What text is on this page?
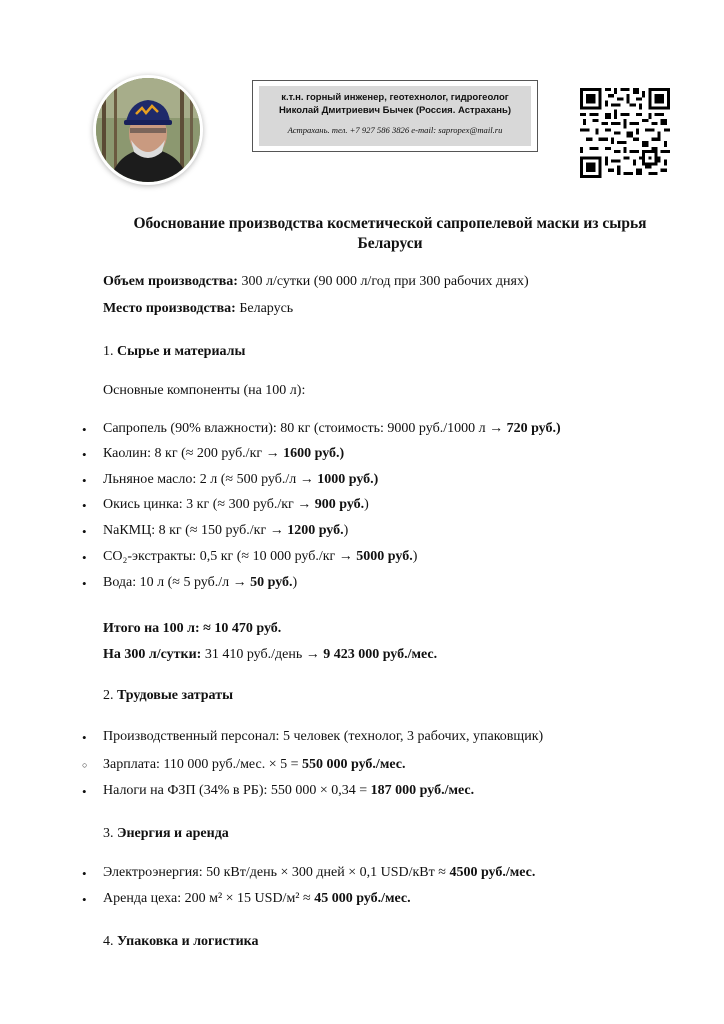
к.т.н. горный инженер, геотехнолог, гидрогеолог
Николай Дмитриевич Бычек (Россия. Астрахань)
Астрахань. тел. +7 927 586 3826 e-mail: sapropex@mail.ru
Обоснование производства косметической сапропелевой маски из сырья Беларуси
Объем производства: 300 л/сутки (90 000 л/год при 300 рабочих днях)
Место производства: Беларусь
1. Сырье и материалы
Основные компоненты (на 100 л):
• Сапропель (90% влажности): 80 кг (стоимость: 9000 руб./1000 л → 720 руб.)
• Каолин: 8 кг (≈ 200 руб./кг → 1600 руб.)
• Льняное масло: 2 л (≈ 500 руб./л → 1000 руб.)
• Окись цинка: 3 кг (≈ 300 руб./кг → 900 руб.)
• NaКМЦ: 8 кг (≈ 150 руб./кг → 1200 руб.)
• CO₂-экстракты: 0,5 кг (≈ 10 000 руб./кг → 5000 руб.)
• Вода: 10 л (≈ 5 руб./л → 50 руб.)
Итого на 100 л: ≈ 10 470 руб.
На 300 л/сутки: 31 410 руб./день → 9 423 000 руб./мес.
2. Трудовые затраты
• Производственный персонал: 5 человек (технолог, 3 рабочих, упаковщик)
○ Зарплата: 110 000 руб./мес. × 5 = 550 000 руб./мес.
• Налоги на ФЗП (34% в РБ): 550 000 × 0,34 = 187 000 руб./мес.
3. Энергия и аренда
• Электроэнергия: 50 кВт/день × 300 дней × 0,1 USD/кВт ≈ 4500 руб./мес.
• Аренда цеха: 200 м² × 15 USD/м² ≈ 45 000 руб./мес.
4. Упаковка и логистика
